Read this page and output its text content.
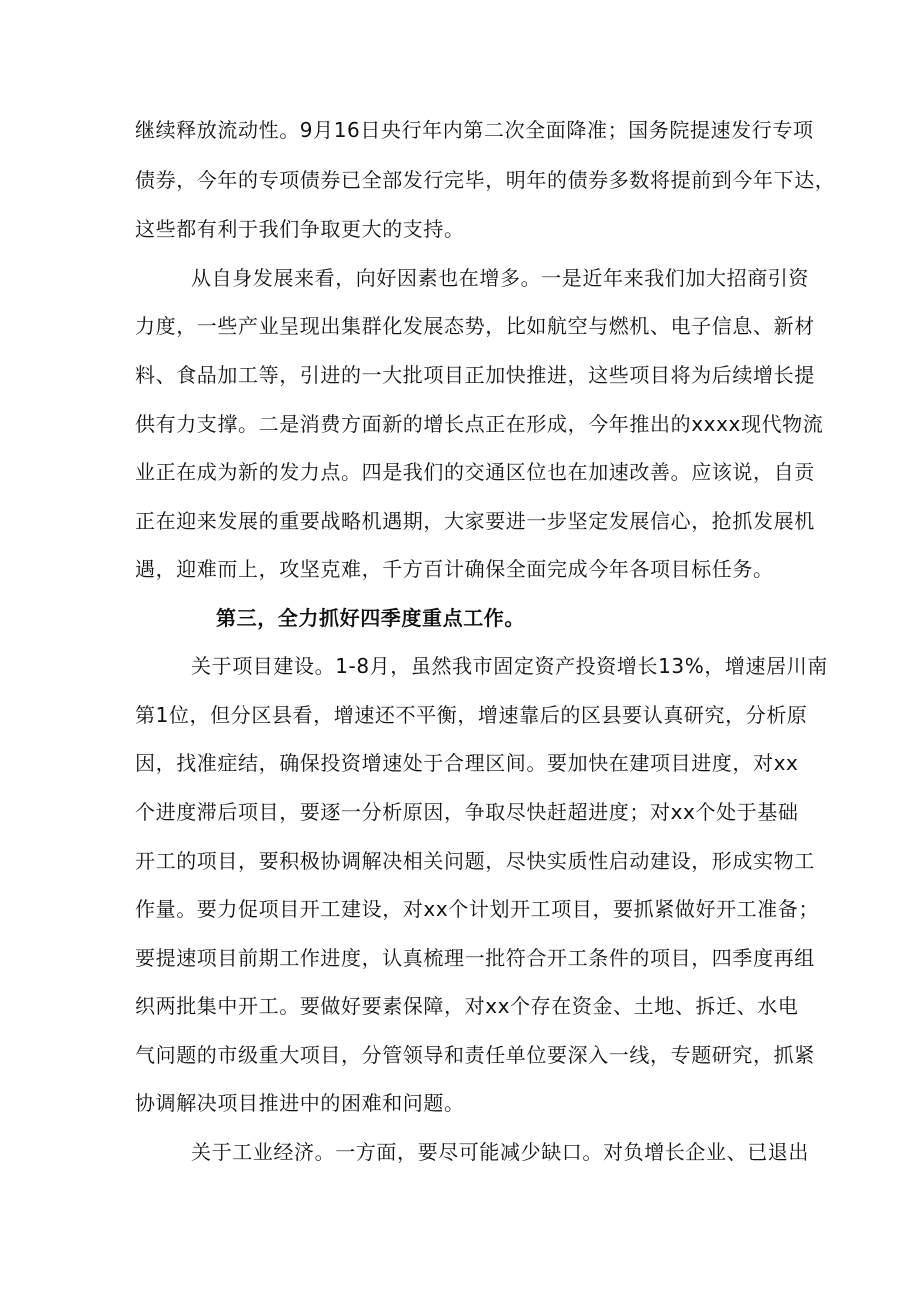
继续释放流动性。9月16日央行年内第二次全面降准；国务院提速发行专项
债券，今年的专项债券已全部发行完毕，明年的债券多数将提前到今年下达，
这些都有利于我们争取更大的支持。
从自身发展来看，向好因素也在增多。一是近年来我们加大招商引资
力度，一些产业呈现出集群化发展态势，比如航空与燃机、电子信息、新材
料、食品加工等，引进的一大批项目正加快推进，这些项目将为后续增长提
供有力支撑。二是消费方面新的增长点正在形成，今年推出的xxxx现代物流
业正在成为新的发力点。四是我们的交通区位也在加速改善。应该说，自贡
正在迎来发展的重要战略机遇期，大家要进一步坚定发展信心，抢抓发展机
遇，迎难而上，攻坚克难，千方百计确保全面完成今年各项目标任务。
第三，全力抓好四季度重点工作。
关于项目建设。1-8月，虽然我市固定资产投资增长13%，增速居川南
第1位，但分区县看，增速还不平衡，增速靠后的区县要认真研究，分析原
因，找准症结，确保投资增速处于合理区间。要加快在建项目进度，对xx
个进度滞后项目，要逐一分析原因，争取尽快赶超进度；对xx个处于基础
开工的项目，要积极协调解决相关问题，尽快实质性启动建设，形成实物工
作量。要力促项目开工建设，对xx个计划开工项目，要抓紧做好开工准备；
要提速项目前期工作进度，认真梳理一批符合开工条件的项目，四季度再组
织两批集中开工。要做好要素保障，对xx个存在资金、土地、拆迁、水电
气问题的市级重大项目，分管领导和责任单位要深入一线，专题研究，抓紧
协调解决项目推进中的困难和问题。
关于工业经济。一方面，要尽可能减少缺口。对负增长企业、已退出
